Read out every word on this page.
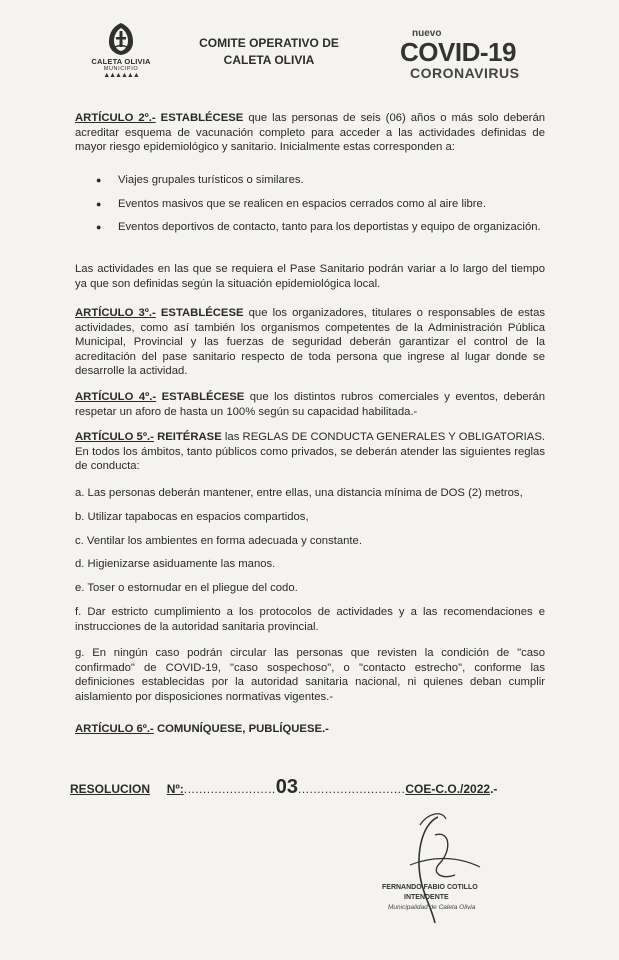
CALETA OLIVIA
MUNICIPIO
▲▲▲▲▲▲
COMITE OPERATIVO DE
CALETA OLIVIA
nuevo
COVID-19
CORONAVIRUS
ARTÍCULO 2º.- ESTABLÉCESE que las personas de seis (06) años o más solo deberán acreditar esquema de vacunación completo para acceder a las actividades definidas de mayor riesgo epidemiológico y sanitario. Inicialmente estas corresponden a:
●	Viajes grupales turísticos o similares.
●	Eventos masivos que se realicen en espacios cerrados como al aire libre.
●	Eventos deportivos de contacto, tanto para los deportistas y equipo de organización.
Las actividades en las que se requiera el Pase Sanitario podrán variar a lo largo del tiempo ya que son definidas según la situación epidemiológica local.
ARTÍCULO 3º.- ESTABLÉCESE que los organizadores, titulares o responsables de estas actividades, como así también los organismos competentes de la Administración Pública Municipal, Provincial y las fuerzas de seguridad deberán garantizar el control de la acreditación del pase sanitario respecto de toda persona que ingrese al lugar donde se desarrolle la actividad.
ARTÍCULO 4º.- ESTABLÉCESE que los distintos rubros comerciales y eventos, deberán respetar un aforo de hasta un 100% según su capacidad habilitada.-
ARTÍCULO 5º.- REITÉRASE las REGLAS DE CONDUCTA GENERALES Y OBLIGATORIAS. En todos los ámbitos, tanto públicos como privados, se deberán atender las siguientes reglas de conducta:
a. Las personas deberán mantener, entre ellas, una distancia mínima de DOS (2) metros,
b. Utilizar tapabocas en espacios compartidos,
c. Ventilar los ambientes en forma adecuada y constante.
d. Higienizarse asiduamente las manos.
e. Toser o estornudar en el pliegue del codo.
f. Dar estricto cumplimiento a los protocolos de actividades y a las recomendaciones e instrucciones de la autoridad sanitaria provincial.
g. En ningún caso podrán circular las personas que revisten la condición de "caso confirmado" de COVID-19, "caso sospechoso", o "contacto estrecho", conforme las definiciones establecidas por la autoridad sanitaria nacional, ni quienes deban cumplir aislamiento por disposiciones normativas vigentes.-
ARTÍCULO 6º.- COMUNÍQUESE, PUBLÍQUESE.-
RESOLUCION Nº:........................03............................COE-C.O./2022.-
FERNANDO FABIO COTILLO
INTENDENTE
Municipalidad de Caleta Olivia
